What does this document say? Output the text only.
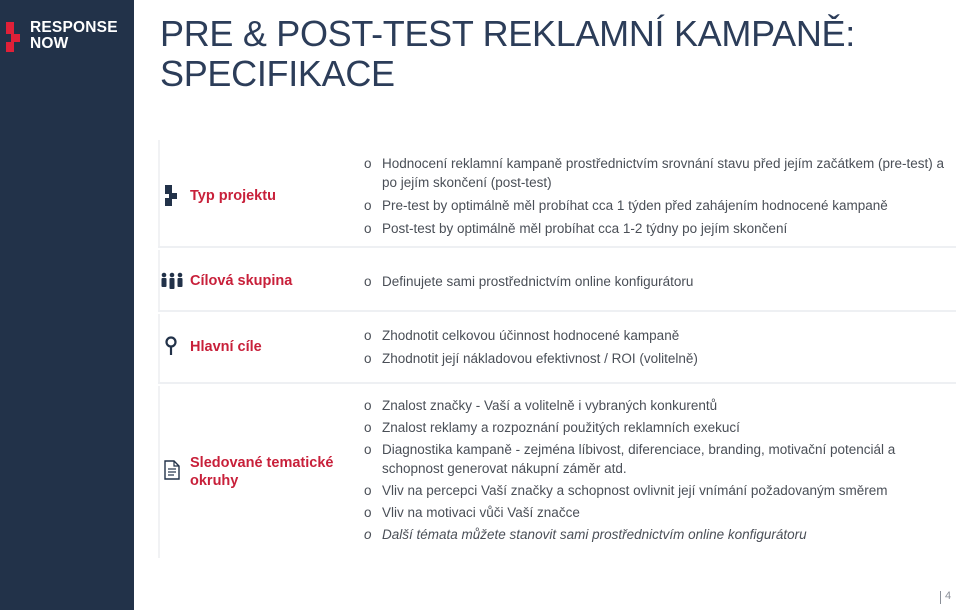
RESPONSE
NOW	PRE & POST-TEST REKLAMNÍ KAMPANĚ: SPECIFIKACE
Typ projektu
o Hodnocení reklamní kampaně prostřednictvím srovnání stavu před jejím začátkem (pre-test) a po jejím skončení (post-test)
o Pre-test by optimálně měl probíhat cca 1 týden před zahájením hodnocené kampaně
o Post-test by optimálně měl probíhat cca 1-2 týdny po jejím skončení
Cílová skupina
o	Definujete sami prostřednictvím online konfigurátoru
Hlavní cíle
o Zhodnotit celkovou účinnost hodnocené kampaně
o Zhodnotit její nákladovou efektivnost / ROI (volitelně)
Sledované tematické okruhy
o Znalost značky - Vaší a volitelně i vybraných konkurentů
o Znalost reklamy a rozpoznání použitých reklamních exekucí
o Diagnostika kampaně - zejména líbivost, diferenciace, branding, motivační potenciál a schopnost generovat nákupní záměr atd.
o Vliv na percepci Vaší značky a schopnost ovlivnit její vnímání požadovaným směrem
o Vliv na motivaci vůči Vaší značce
o Další témata můžete stanovit sami prostřednictvím online konfigurátoru
4
